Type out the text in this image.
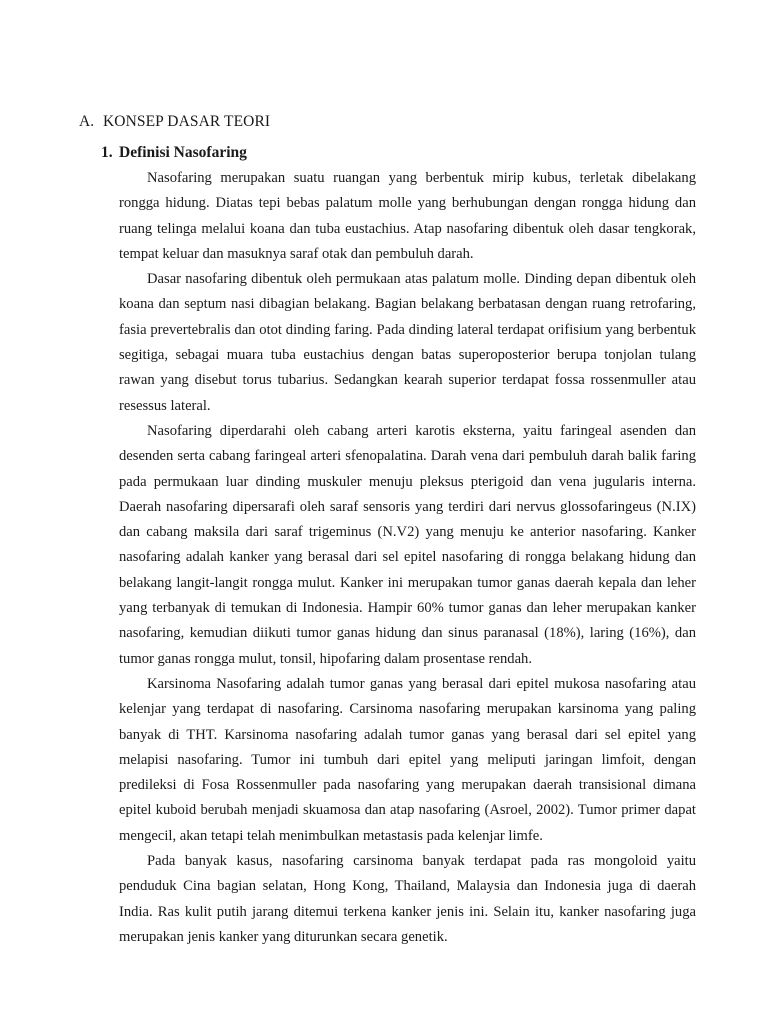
A. KONSEP DASAR TEORI
1. Definisi Nasofaring

Nasofaring merupakan suatu ruangan yang berbentuk mirip kubus, terletak dibelakang rongga hidung. Diatas tepi bebas palatum molle yang berhubungan dengan rongga hidung dan ruang telinga melalui koana dan tuba eustachius. Atap nasofaring dibentuk oleh dasar tengkorak, tempat keluar dan masuknya saraf otak dan pembuluh darah.

Dasar nasofaring dibentuk oleh permukaan atas palatum molle. Dinding depan dibentuk oleh koana dan septum nasi dibagian belakang. Bagian belakang berbatasan dengan ruang retrofaring, fasia prevertebralis dan otot dinding faring. Pada dinding lateral terdapat orifisium yang berbentuk segitiga, sebagai muara tuba eustachius dengan batas superoposterior berupa tonjolan tulang rawan yang disebut torus tubarius. Sedangkan kearah superior terdapat fossa rossenmuller atau resessus lateral.

Nasofaring diperdarahi oleh cabang arteri karotis eksterna, yaitu faringeal asenden dan desenden serta cabang faringeal arteri sfenopalatina. Darah vena dari pembuluh darah balik faring pada permukaan luar dinding muskuler menuju pleksus pterigoid dan vena jugularis interna. Daerah nasofaring dipersarafi oleh saraf sensoris yang terdiri dari nervus glossofaringeus (N.IX) dan cabang maksila dari saraf trigeminus (N.V2) yang menuju ke anterior nasofaring. Kanker nasofaring adalah kanker yang berasal dari sel epitel nasofaring di rongga belakang hidung dan belakang langit-langit rongga mulut. Kanker ini merupakan tumor ganas daerah kepala dan leher yang terbanyak di temukan di Indonesia. Hampir 60% tumor ganas dan leher merupakan kanker nasofaring, kemudian diikuti tumor ganas hidung dan sinus paranasal (18%), laring (16%), dan tumor ganas rongga mulut, tonsil, hipofaring dalam prosentase rendah.

Karsinoma Nasofaring adalah tumor ganas yang berasal dari epitel mukosa nasofaring atau kelenjar yang terdapat di nasofaring. Carsinoma nasofaring merupakan karsinoma yang paling banyak di THT. Karsinoma nasofaring adalah tumor ganas yang berasal dari sel epitel yang melapisi nasofaring. Tumor ini tumbuh dari epitel yang meliputi jaringan limfoit, dengan predileksi di Fosa Rossenmuller pada nasofaring yang merupakan daerah transisional dimana epitel kuboid berubah menjadi skuamosa dan atap nasofaring (Asroel, 2002). Tumor primer dapat mengecil, akan tetapi telah menimbulkan metastasis pada kelenjar limfe.

Pada banyak kasus, nasofaring carsinoma banyak terdapat pada ras mongoloid yaitu penduduk Cina bagian selatan, Hong Kong, Thailand, Malaysia dan Indonesia juga di daerah India. Ras kulit putih jarang ditemui terkena kanker jenis ini. Selain itu, kanker nasofaring juga merupakan jenis kanker yang diturunkan secara genetik.
